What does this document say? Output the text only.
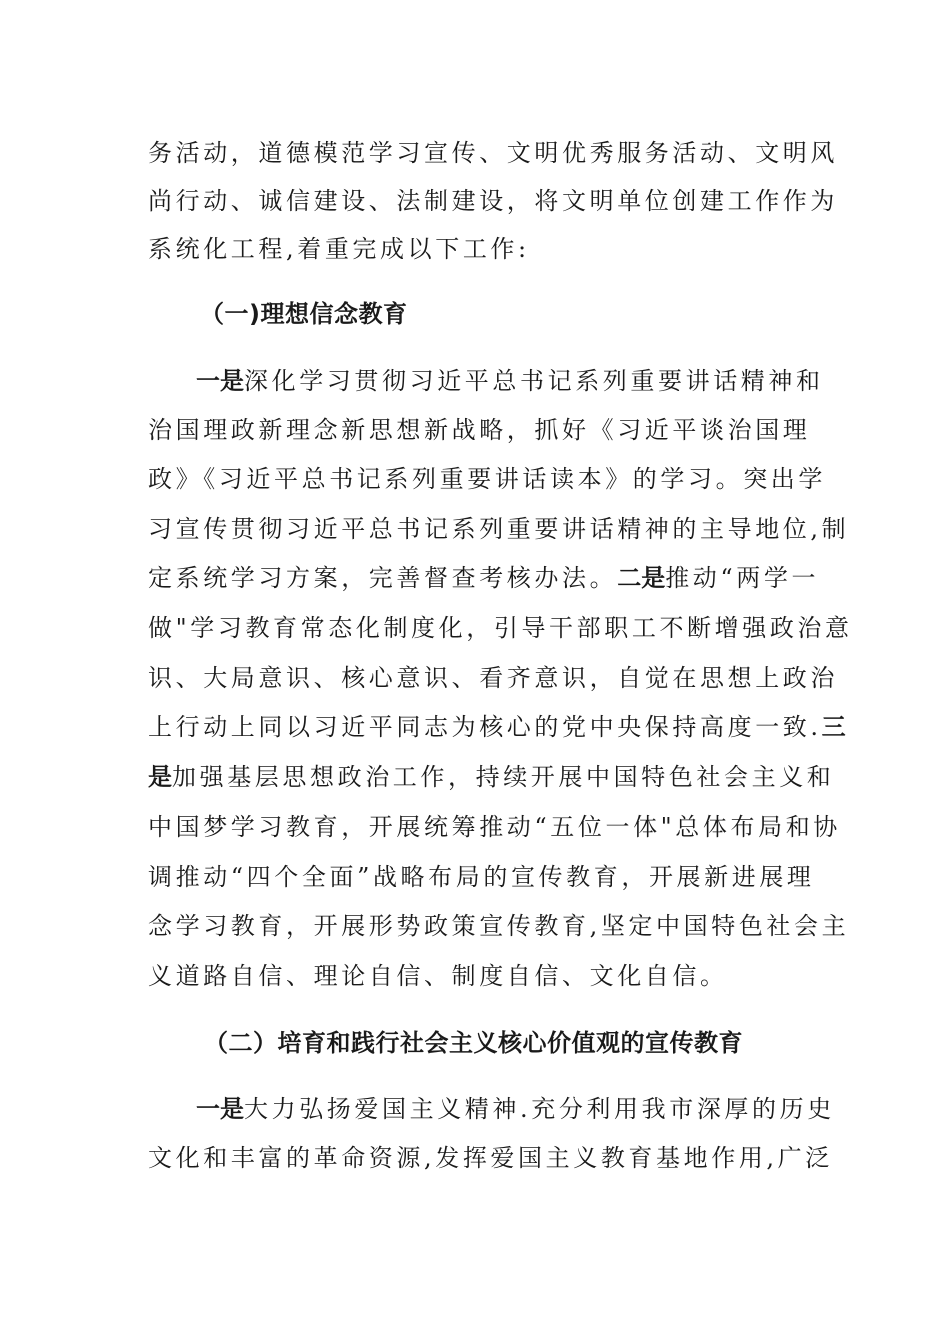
务活动，道德模范学习宣传、文明优秀服务活动、文明风
尚行动、诚信建设、法制建设，将文明单位创建工作作为
系统化工程,着重完成以下工作:
（一)理想信念教育
一是深化学习贯彻习近平总书记系列重要讲话精神和
治国理政新理念新思想新战略，抓好《习近平谈治国理
政》《习近平总书记系列重要讲话读本》的学习。突出学
习宣传贯彻习近平总书记系列重要讲话精神的主导地位,制
定系统学习方案，完善督查考核办法。二是推动“两学一
做"学习教育常态化制度化，引导干部职工不断增强政治意
识、大局意识、核心意识、看齐意识，自觉在思想上政治
上行动上同以习近平同志为核心的党中央保持高度一致.三
是加强基层思想政治工作，持续开展中国特色社会主义和
中国梦学习教育，开展统筹推动“五位一体"总体布局和协
调推动“四个全面”战略布局的宣传教育，开展新进展理
念学习教育，开展形势政策宣传教育,坚定中国特色社会主
义道路自信、理论自信、制度自信、文化自信。
（二）培育和践行社会主义核心价值观的宣传教育
一是大力弘扬爱国主义精神.充分利用我市深厚的历史
文化和丰富的革命资源,发挥爱国主义教育基地作用,广泛
